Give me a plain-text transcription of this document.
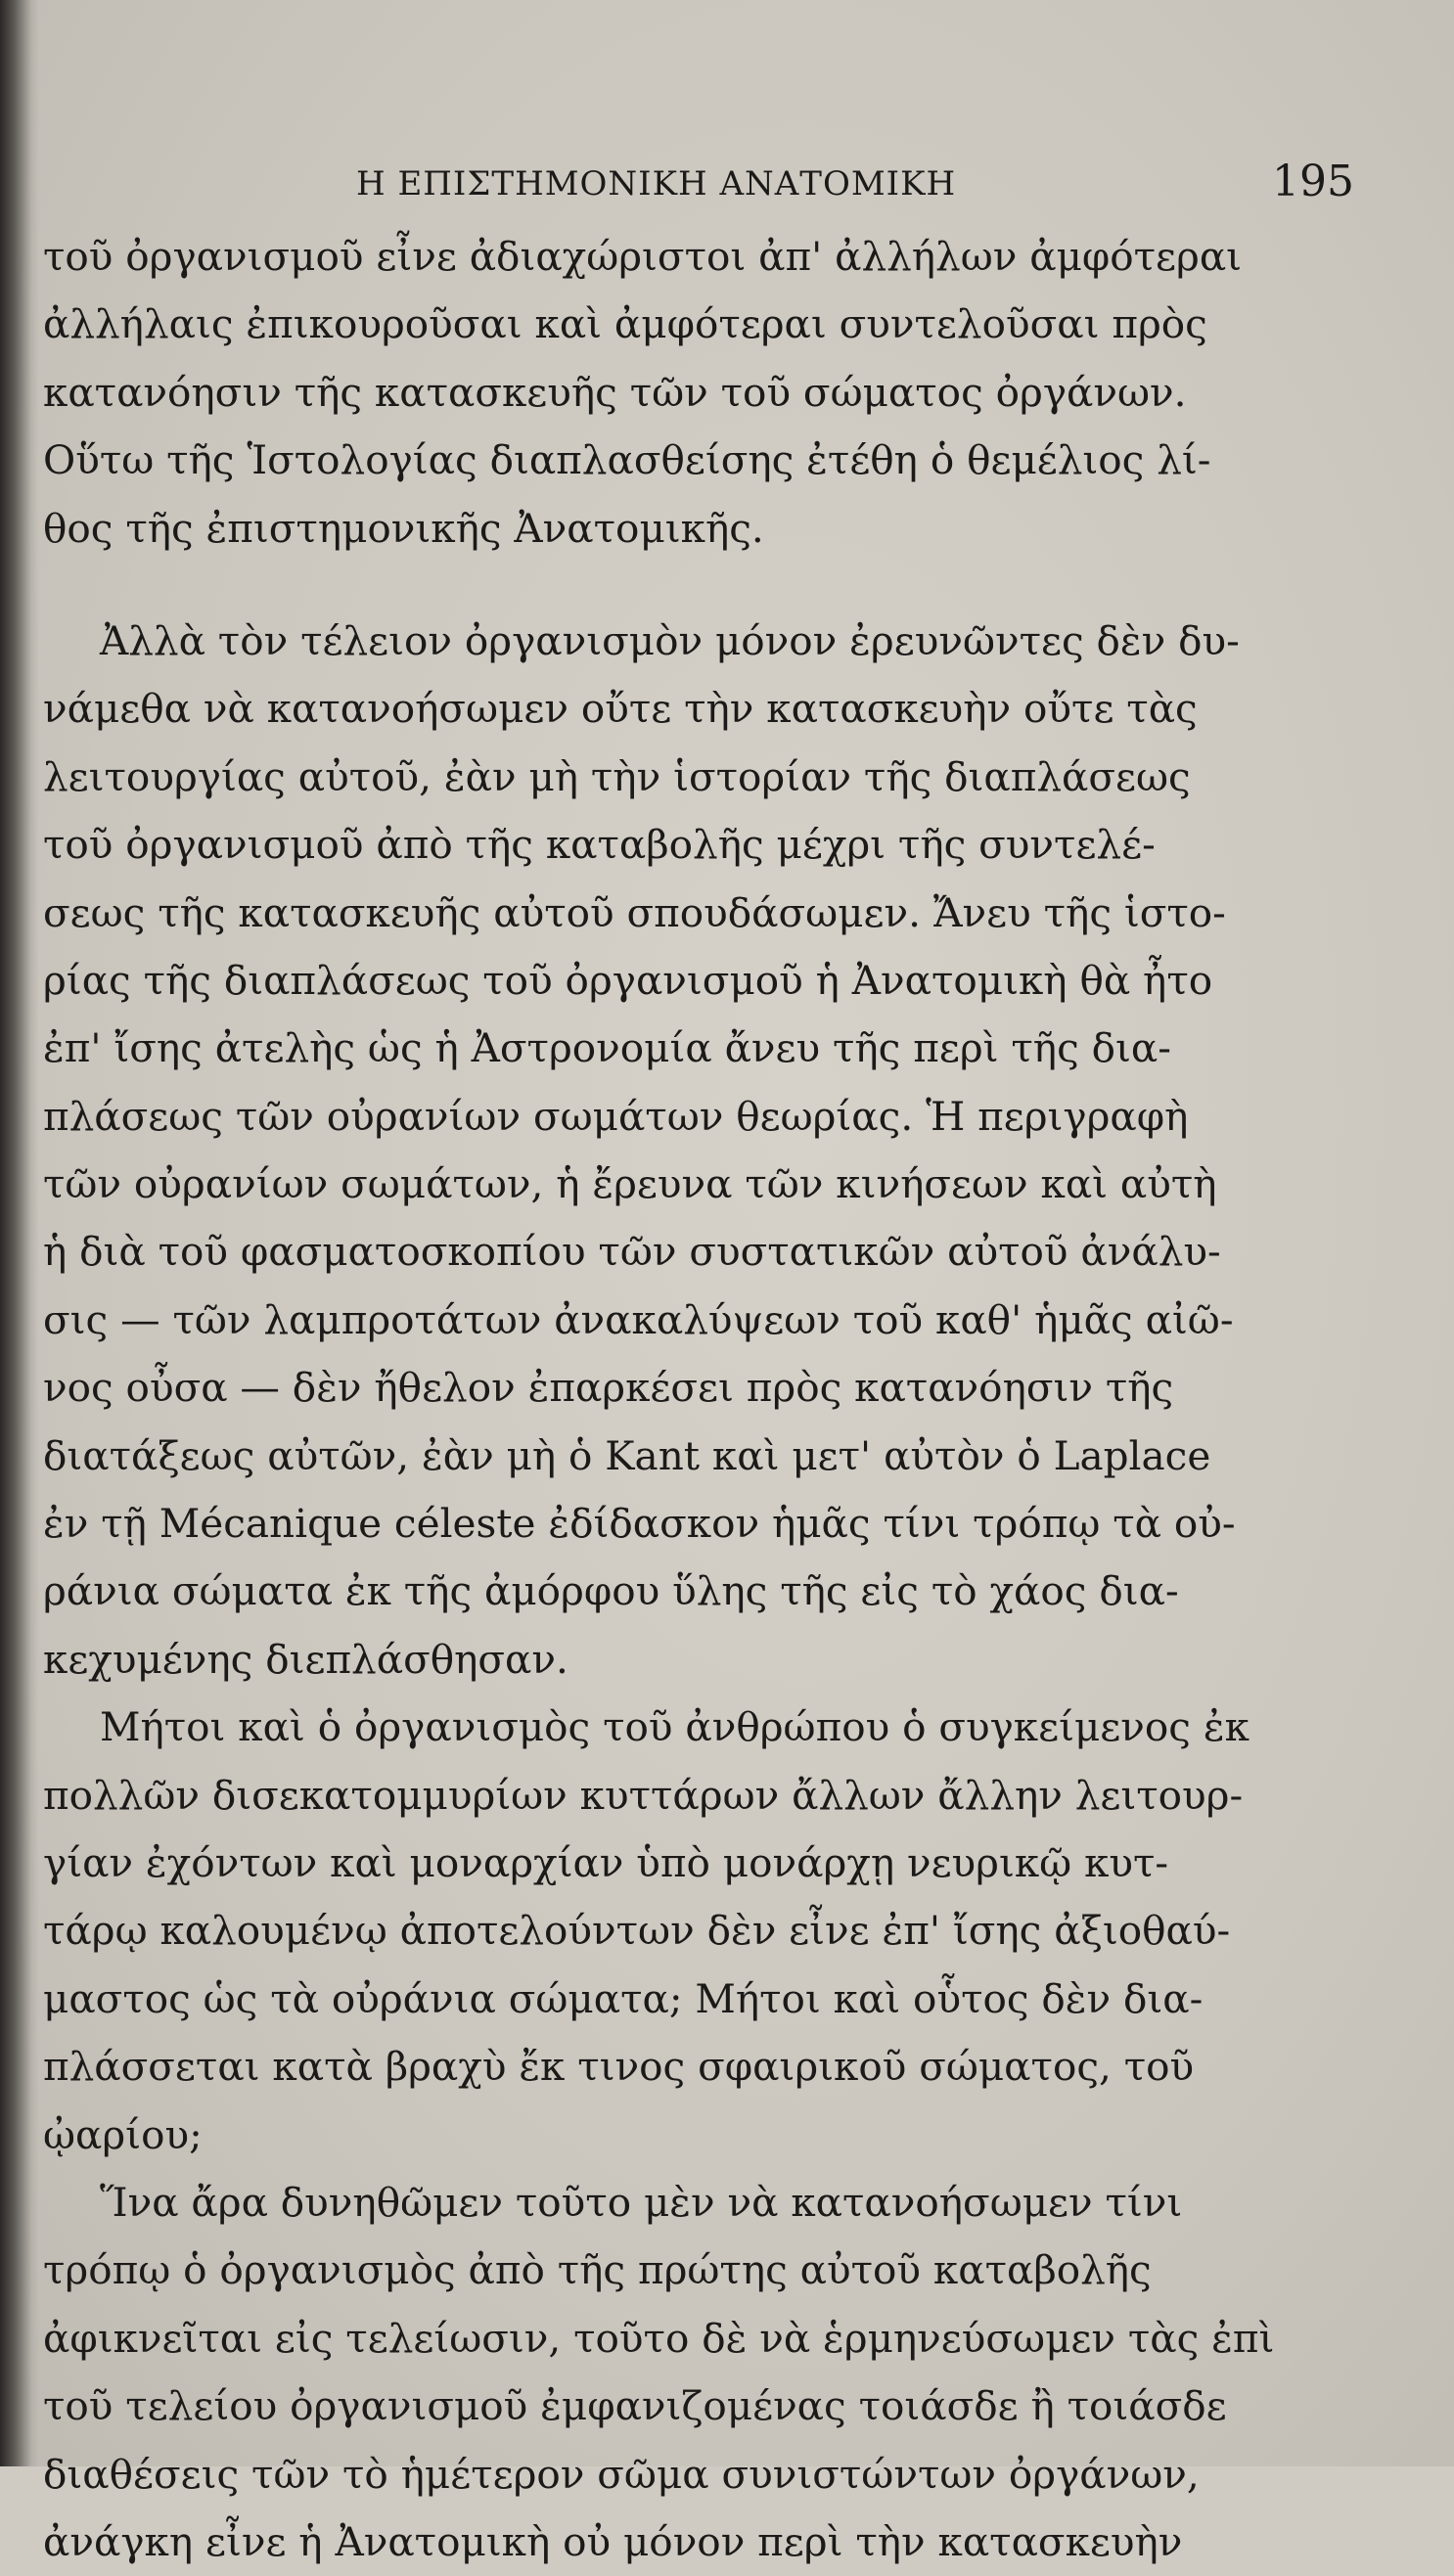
Η ΕΠΙΣΤΗΜΟΝΙΚΗ ΑΝΑΤΟΜΙΚΗ	195
τοῦ ὀργανισμοῦ εἶνε ἀδιαχώριστοι ἀπ' ἀλλήλων ἀμφότεραι
ἀλλήλαις ἐπικουροῦσαι καὶ ἀμφότεραι συντελοῦσαι πρὸς
κατανόησιν τῆς κατασκευῆς τῶν τοῦ σώματος ὀργάνων.
Οὕτω τῆς Ἱστολογίας διαπλασθείσης ἐτέθη ὁ θεμέλιος λί-
θος τῆς ἐπιστημονικῆς Ἀνατομικῆς.
Ἀλλὰ τὸν τέλειον ὀργανισμὸν μόνον ἐρευνῶντες δὲν δυ-
νάμεθα νὰ κατανοήσωμεν οὔτε τὴν κατασκευὴν οὔτε τὰς
λειτουργίας αὐτοῦ, ἐὰν μὴ τὴν ἱστορίαν τῆς διαπλάσεως
τοῦ ὀργανισμοῦ ἀπὸ τῆς καταβολῆς μέχρι τῆς συντελέ-
σεως τῆς κατασκευῆς αὐτοῦ σπουδάσωμεν. Ἄνευ τῆς ἱστο-
ρίας τῆς διαπλάσεως τοῦ ὀργανισμοῦ ἡ Ἀνατομικὴ θὰ ἦτο
ἐπ' ἴσης ἀτελὴς ὡς ἡ Ἀστρονομία ἄνευ τῆς περὶ τῆς δια-
πλάσεως τῶν οὐρανίων σωμάτων θεωρίας. Ἡ περιγραφὴ
τῶν οὐρανίων σωμάτων, ἡ ἔρευνα τῶν κινήσεων καὶ αὐτὴ
ἡ διὰ τοῦ φασματοσκοπίου τῶν συστατικῶν αὐτοῦ ἀνάλυ-
σις — τῶν λαμπροτάτων ἀνακαλύψεων τοῦ καθ' ἡμᾶς αἰῶ-
νος οὖσα — δὲν ἤθελον ἐπαρκέσει πρὸς κατανόησιν τῆς
διατάξεως αὐτῶν, ἐὰν μὴ ὁ Kant καὶ μετ' αὐτὸν ὁ Laplace
ἐν τῇ Mécanique céleste ἐδίδασκον ἡμᾶς τίνι τρόπῳ τὰ οὐ-
ράνια σώματα ἐκ τῆς ἀμόρφου ὕλης τῆς εἰς τὸ χάος δια-
κεχυμένης διεπλάσθησαν.
Μήτοι καὶ ὁ ὀργανισμὸς τοῦ ἀνθρώπου ὁ συγκείμενος ἐκ
πολλῶν δισεκατομμυρίων κυττάρων ἄλλων ἄλλην λειτουρ-
γίαν ἐχόντων καὶ μοναρχίαν ὑπὸ μονάρχῃ νευρικῷ κυτ-
τάρῳ καλουμένῳ ἀποτελούντων δὲν εἶνε ἐπ' ἴσης ἀξιοθαύ-
μαστος ὡς τὰ οὐράνια σώματα; Μήτοι καὶ οὗτος δὲν δια-
πλάσσεται κατὰ βραχὺ ἔκ τινος σφαιρικοῦ σώματος, τοῦ
ᾠαρίου;
Ἵνα ἄρα δυνηθῶμεν τοῦτο μὲν νὰ κατανοήσωμεν τίνι
τρόπῳ ὁ ὀργανισμὸς ἀπὸ τῆς πρώτης αὐτοῦ καταβολῆς
ἀφικνεῖται εἰς τελείωσιν, τοῦτο δὲ νὰ ἑρμηνεύσωμεν τὰς ἐπὶ
τοῦ τελείου ὀργανισμοῦ ἐμφανιζομένας τοιάσδε ἢ τοιάσδε
διαθέσεις τῶν τὸ ἡμέτερον σῶμα συνιστώντων ὀργάνων,
ἀνάγκη εἶνε ἡ Ἀνατομικὴ οὐ μόνον περὶ τὴν κατασκευὴν
